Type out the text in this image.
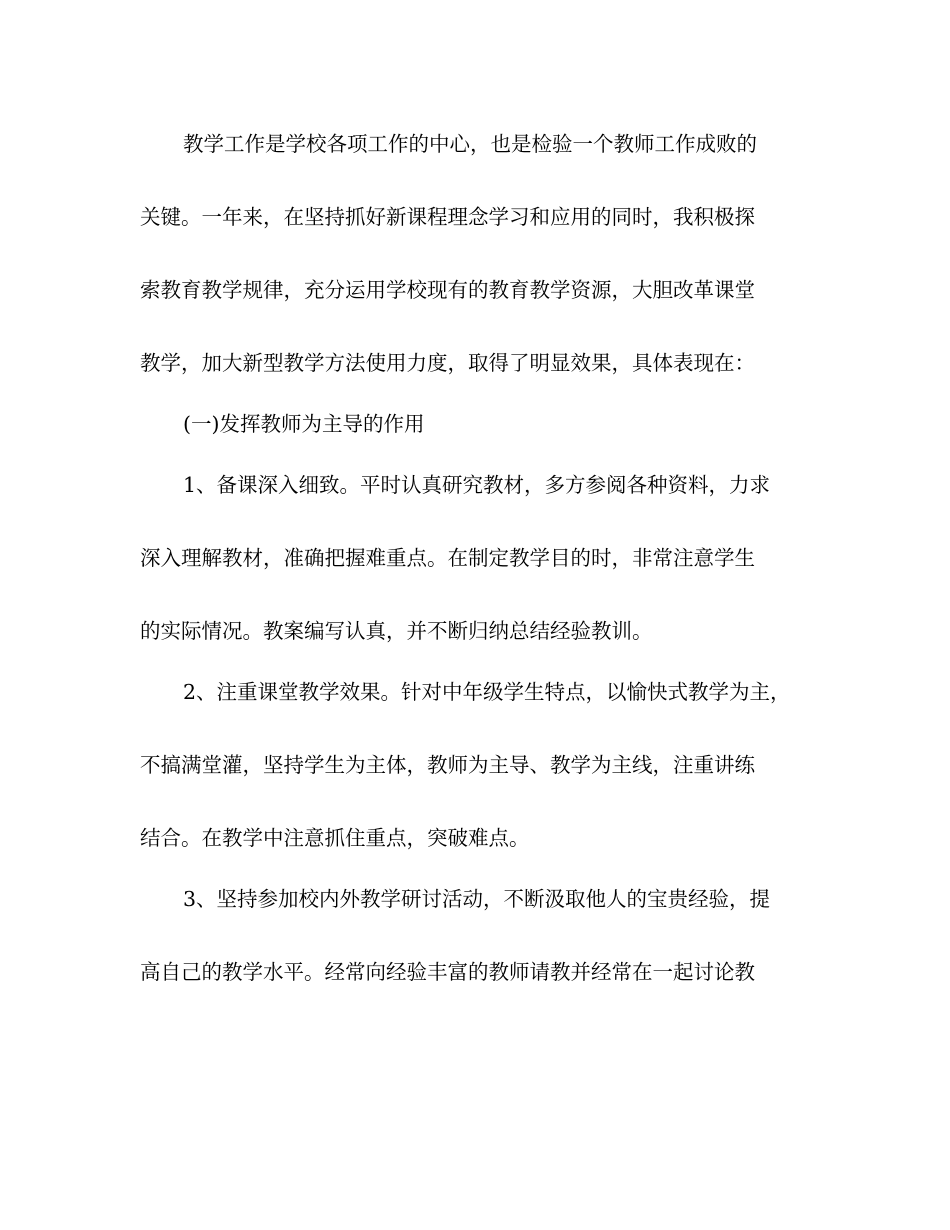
教学工作是学校各项工作的中心，也是检验一个教师工作成败的
关键。一年来，在坚持抓好新课程理念学习和应用的同时，我积极探
索教育教学规律，充分运用学校现有的教育教学资源，大胆改革课堂
教学，加大新型教学方法使用力度，取得了明显效果，具体表现在：
(一)发挥教师为主导的作用
1、备课深入细致。平时认真研究教材，多方参阅各种资料，力求
深入理解教材，准确把握难重点。在制定教学目的时，非常注意学生
的实际情况。教案编写认真，并不断归纳总结经验教训。
2、注重课堂教学效果。针对中年级学生特点，以愉快式教学为主，
不搞满堂灌，坚持学生为主体，教师为主导、教学为主线，注重讲练
结合。在教学中注意抓住重点，突破难点。
3、坚持参加校内外教学研讨活动，不断汲取他人的宝贵经验，提
高自己的教学水平。经常向经验丰富的教师请教并经常在一起讨论教
